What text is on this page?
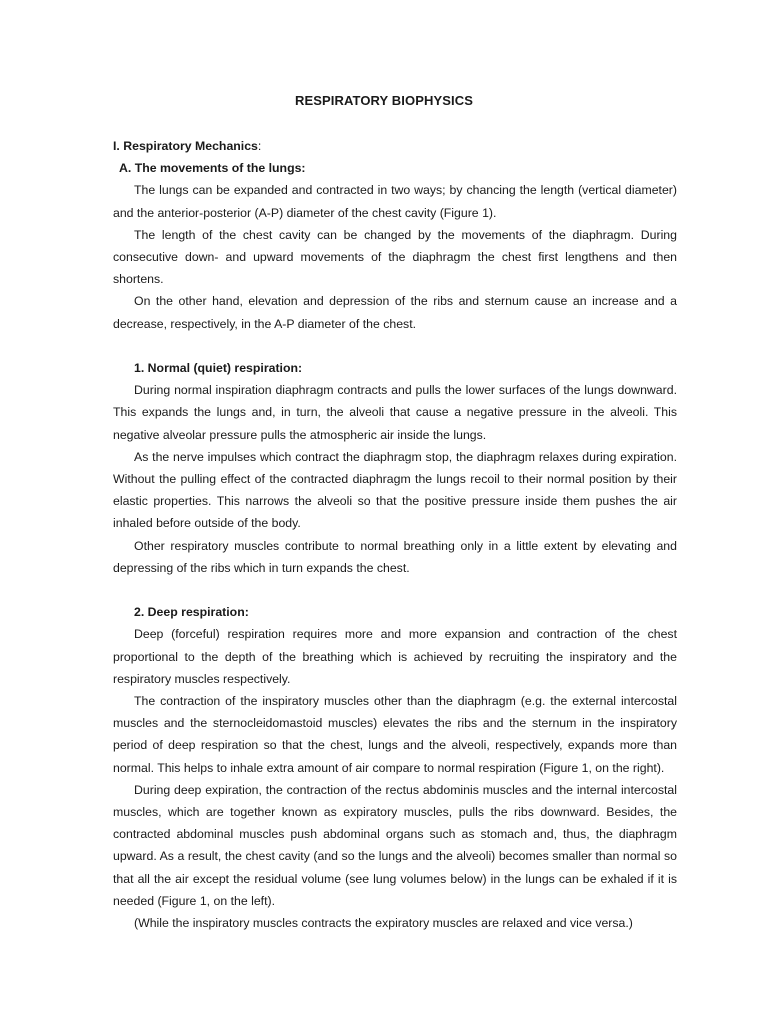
RESPIRATORY BIOPHYSICS

I. Respiratory Mechanics:

A. The movements of the lungs:

The lungs can be expanded and contracted in two ways; by chancing the length (vertical diameter) and the anterior-posterior (A-P) diameter of the chest cavity (Figure 1).

The length of the chest cavity can be changed by the movements of the diaphragm. During consecutive down- and upward movements of the diaphragm the chest first lengthens and then shortens.

On the other hand, elevation and depression of the ribs and sternum cause an increase and a decrease, respectively, in the A-P diameter of the chest.

1. Normal (quiet) respiration:

During normal inspiration diaphragm contracts and pulls the lower surfaces of the lungs downward. This expands the lungs and, in turn, the alveoli that cause a negative pressure in the alveoli. This negative alveolar pressure pulls the atmospheric air inside the lungs.

As the nerve impulses which contract the diaphragm stop, the diaphragm relaxes during expiration. Without the pulling effect of the contracted diaphragm the lungs recoil to their normal position by their elastic properties. This narrows the alveoli so that the positive pressure inside them pushes the air inhaled before outside of the body.

Other respiratory muscles contribute to normal breathing only in a little extent by elevating and depressing of the ribs which in turn expands the chest.

2. Deep respiration:

Deep (forceful) respiration requires more and more expansion and contraction of the chest proportional to the depth of the breathing which is achieved by recruiting the inspiratory and the respiratory muscles respectively.

The contraction of the inspiratory muscles other than the diaphragm (e.g. the external intercostal muscles and the sternocleidomastoid muscles) elevates the ribs and the sternum in the inspiratory period of deep respiration so that the chest, lungs and the alveoli, respectively, expands more than normal. This helps to inhale extra amount of air compare to normal respiration (Figure 1, on the right).

During deep expiration, the contraction of the rectus abdominis muscles and the internal intercostal muscles, which are together known as expiratory muscles, pulls the ribs downward. Besides, the contracted abdominal muscles push abdominal organs such as stomach and, thus, the diaphragm upward. As a result, the chest cavity (and so the lungs and the alveoli) becomes smaller than normal so that all the air except the residual volume (see lung volumes below) in the lungs can be exhaled if it is needed (Figure 1, on the left).

(While the inspiratory muscles contracts the expiratory muscles are relaxed and vice versa.)
